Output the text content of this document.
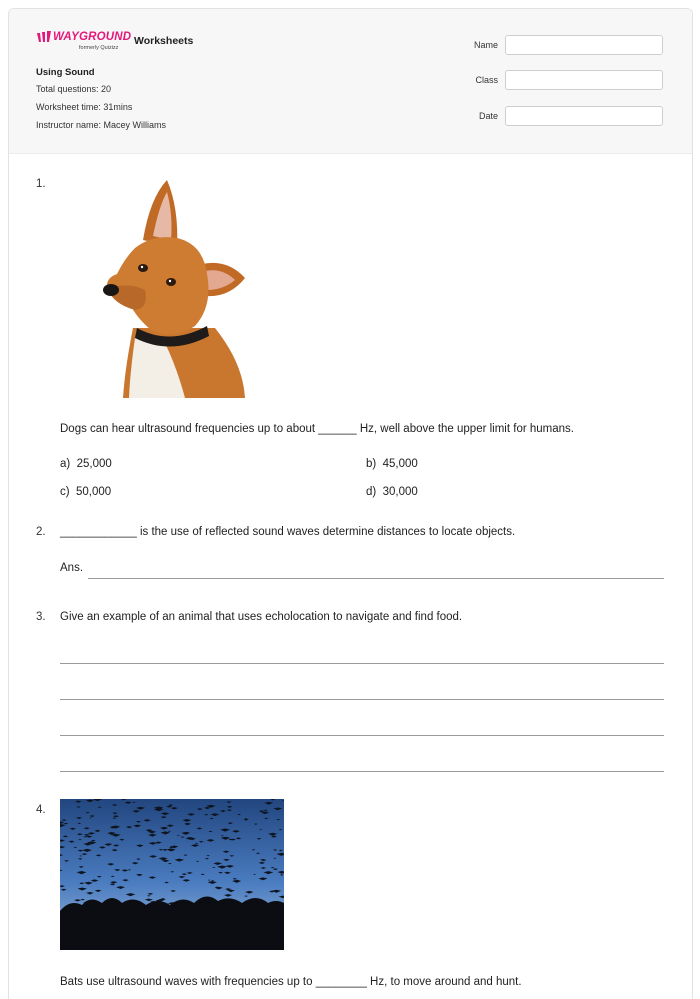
WAYGROUND
formerly Quizizz
Worksheets
Using Sound
Total questions: 20
Worksheet time: 31mins
Instructor name: Macey Williams
Name
Class
Date
1.
Dogs can hear ultrasound frequencies up to about ______ Hz, well above the upper limit for humans.
a) 25,000	b) 45,000
c) 50,000	d) 30,000
2. ____________ is the use of reflected sound waves determine distances to locate objects.
Ans.
3. Give an example of an animal that uses echolocation to navigate and find food.
4.
Bats use ultrasound waves with frequencies up to ________ Hz, to move around and hunt.
